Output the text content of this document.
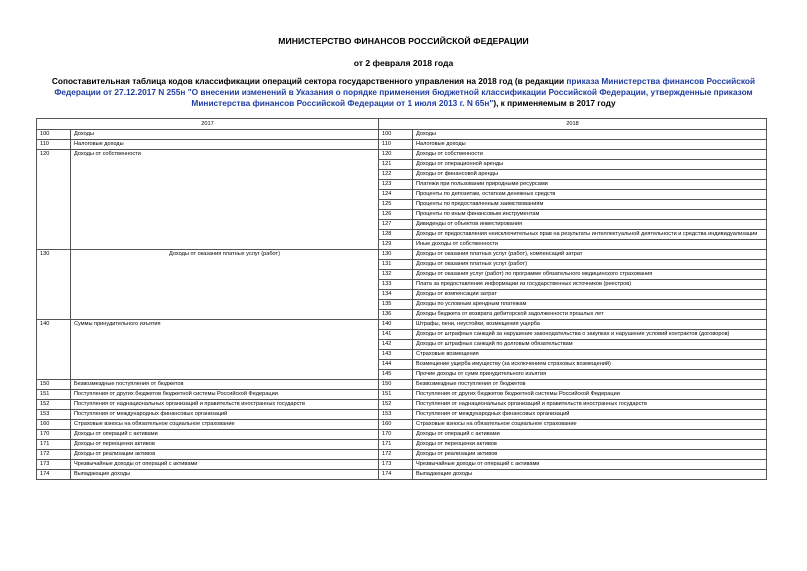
МИНИСТЕРСТВО ФИНАНСОВ РОССИЙСКОЙ ФЕДЕРАЦИИ
от 2 февраля 2018 года
Сопоставительная таблица кодов классификации операций сектора государственного управления на 2018 год (в редакции приказа Министерства финансов Российской Федерации от 27.12.2017 N 255н "О внесении изменений в Указания о порядке применения бюджетной классификации Российской Федерации, утвержденные приказом Министерства финансов Российской Федерации от 1 июля 2013 г. N 65н"), к применяемым в 2017 году
2017		2018	
100	Доходы	100	Доходы
110	Налоговые доходы	110	Налоговые доходы
120	Доходы от собственности	120	Доходы от собственности
		121	Доходы от операционной аренды
		122	Доходы от финансовой аренды
		123	Платежи при пользовании природными ресурсами
		124	Проценты по депозитам, остаткам денежных средств
		125	Проценты по предоставленным заимствованиям
		126	Проценты по иным финансовым инструментам
		127	Дивиденды от объектов инвестирования
		128	Доходы от предоставления неисключительных прав на результаты интеллектуальной деятельности и средства индивидуализации
		129	Иные доходы от собственности
130	Доходы от оказания платных услуг (работ)	130	Доходы от оказания платных услуг (работ), компенсаций затрат
		131	Доходы от оказания платных услуг (работ)
		132	Доходы от оказания услуг (работ) по программе обязательного медицинского страхования
		133	Плата за предоставление информации из государственных источников (реестров)
		134	Доходы от компенсации затрат
		135	Доходы по условным арендным платежам
		136	Доходы бюджета от возврата дебиторской задолженности прошлых лет
140	Суммы принудительного изъятия	140	Штрафы, пени, неустойки, возмещения ущерба
		141	Доходы от штрафных санкций за нарушение законодательства о закупках и нарушение условий контрактов (договоров)
		142	Доходы от штрафных санкций по долговым обязательствам
		143	Страховые возмещения
		144	Возмещение ущерба имуществу (за исключением страховых возмещений)
		145	Прочие доходы от сумм принудительного изъятия
150	Безвозмездные поступления от бюджетов	150	Безвозмездные поступления от бюджетов
151	Поступления от других бюджетов бюджетной системы Российской Федерации	151	Поступления от других бюджетов бюджетной системы Российской Федерации
152	Поступления от наднациональных организаций и правительств иностранных государств	152	Поступления от наднациональных организаций и правительств иностранных государств
153	Поступления от международных финансовых организаций	153	Поступления от международных финансовых организаций
160	Страховые взносы на обязательное социальное страхование	160	Страховые взносы на обязательное социальное страхование
170	Доходы от операций с активами	170	Доходы от операций с активами
171	Доходы от переоценки активов	171	Доходы от переоценки активов
172	Доходы от реализации активов	172	Доходы от реализации активов
173	Чрезвычайные доходы от операций с активами	173	Чрезвычайные доходы от операций с активами
174	Выпадающие доходы	174	Выпадающие доходы
